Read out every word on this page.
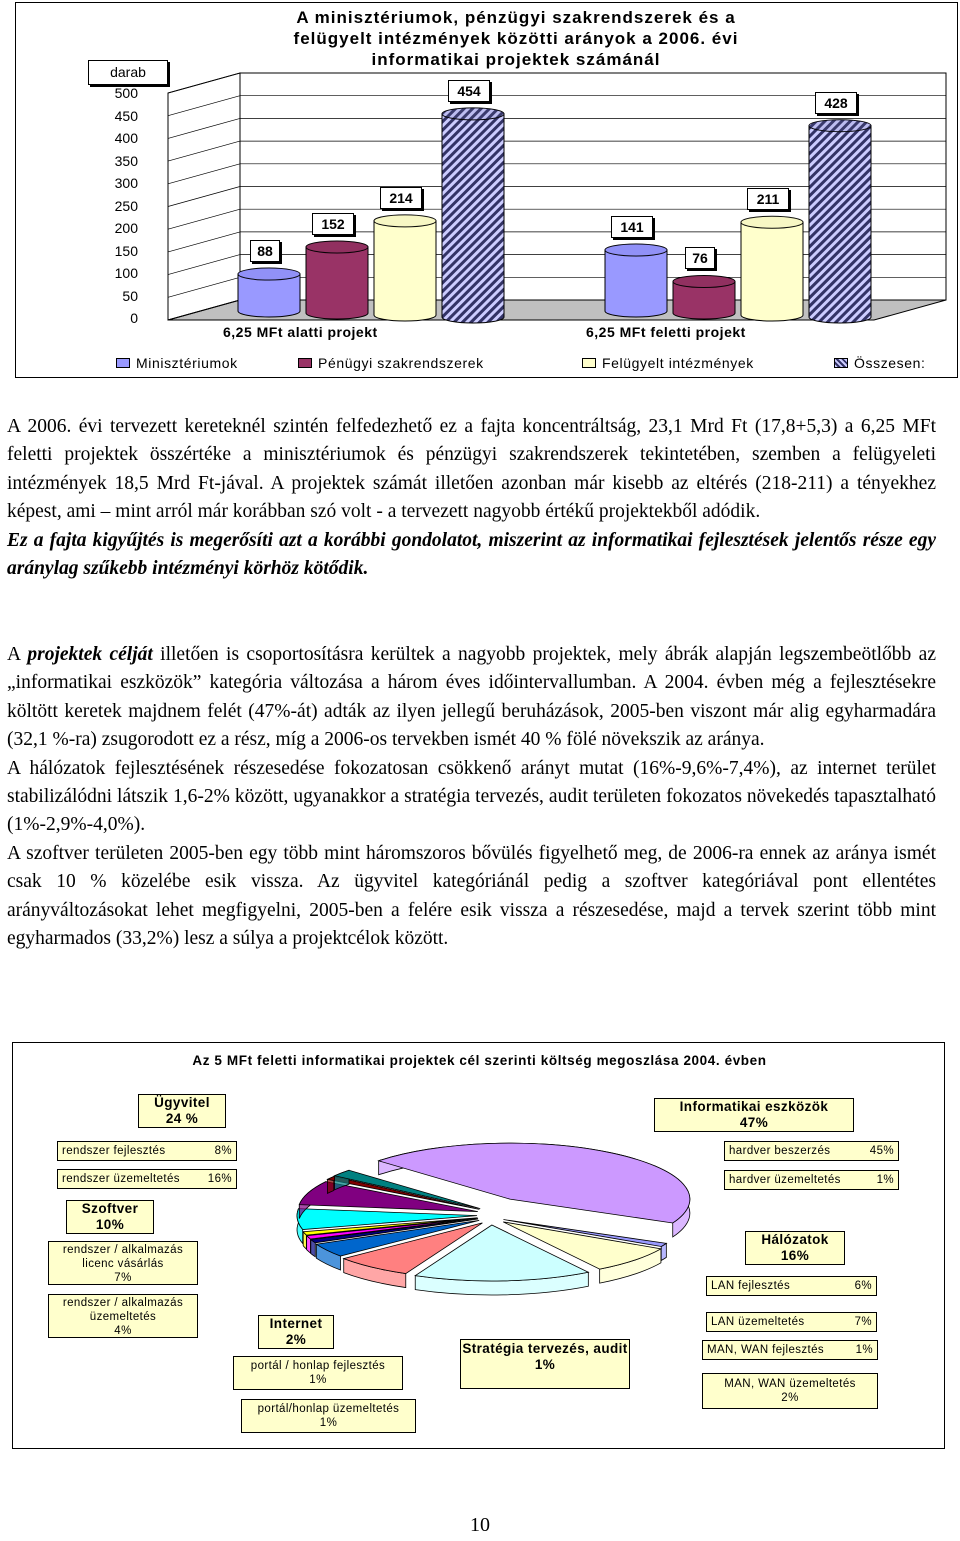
A minisztériumok, pénzügyi szakrendszerek és a
felügyelt intézmények közötti arányok a 2006. évi
informatikai projektek számánál
darab
500
450
400
350
300
250
200
150
100
50
0
88
141
152
76
214	211
454
428
6,25 MFt alatti projekt	6,25 MFt feletti projekt
Minisztériumok	Pénügyi szakrendszerek	Felügyelt intézmények	Összesen:

A 2006. évi tervezett kereteknél szintén felfedezhető ez a fajta koncentráltság, 23,1 Mrd Ft (17,8+5,3) a 6,25 MFt feletti projektek összértéke a minisztériumok és pénzügyi szakrendszerek tekintetében, szemben a felügyeleti intézmények 18,5 Mrd Ft-jával. A projektek számát illetően azonban már kisebb az eltérés (218-211) a tényekhez képest, ami – mint arról már korábban szó volt - a tervezett nagyobb értékű projektekből adódik.

Ez a fajta kigyűjtés is megerősíti azt a korábbi gondolatot, miszerint az informatikai fejlesztések jelentős része egy aránylag szűkebb intézményi körhöz kötődik.

A projektek célját illetően is csoportosításra kerültek a nagyobb projektek, mely ábrák alapján legszembeötlőbb az „informatikai eszközök” kategória változása a három éves időintervallumban. A 2004. évben még a fejlesztésekre költött keretek majdnem felét (47%-át) adták az ilyen jellegű beruházások, 2005-ben viszont már alig egyharmadára (32,1 %-ra) zsugorodott ez a rész, míg a 2006-os tervekben ismét 40 % fölé növekszik az aránya.

A hálózatok fejlesztésének részesedése fokozatosan csökkenő arányt mutat (16%-9,6%-7,4%), az internet terület stabilizálódni látszik 1,6-2% között, ugyanakkor a stratégia tervezés, audit területen fokozatos növekedés tapasztalható (1%-2,9%-4,0%).

A szoftver területen 2005-ben egy több mint háromszoros bővülés figyelhető meg, de 2006-ra ennek az aránya ismét csak 10 % közelébe esik vissza. Az ügyvitel kategóriánál pedig a szoftver kategóriával pont ellentétes arányváltozásokat lehet megfigyelni, 2005-ben a felére esik vissza a részesedése, majd a tervek szerint több mint egyharmados (33,2%) lesz a súlya a projektcélok között.

Az 5 MFt feletti informatikai projektek cél szerinti költség megoszlása 2004. évben
Ügyvitel
24 %
rendszer fejlesztés	8%
rendszer üzemeltetés 16%
Szoftver
10%
rendszer / alkalmazás licenc vásárlás
7%
rendszer / alkalmazás üzemeltetés
4%	Internet
2%
portál / honlap fejlesztés
1%
portál/honlap üzemeltetés
1%
Stratégia tervezés, audit
1%
Informatikai eszközök
47%
hardver beszerzés	45%
hardver üzemeltetés	1%
Hálózatok
16%
LAN fejlesztés	6%
LAN üzemeltetés	7%
MAN, WAN fejlesztés	1%
MAN, WAN üzemeltetés
2%
10
